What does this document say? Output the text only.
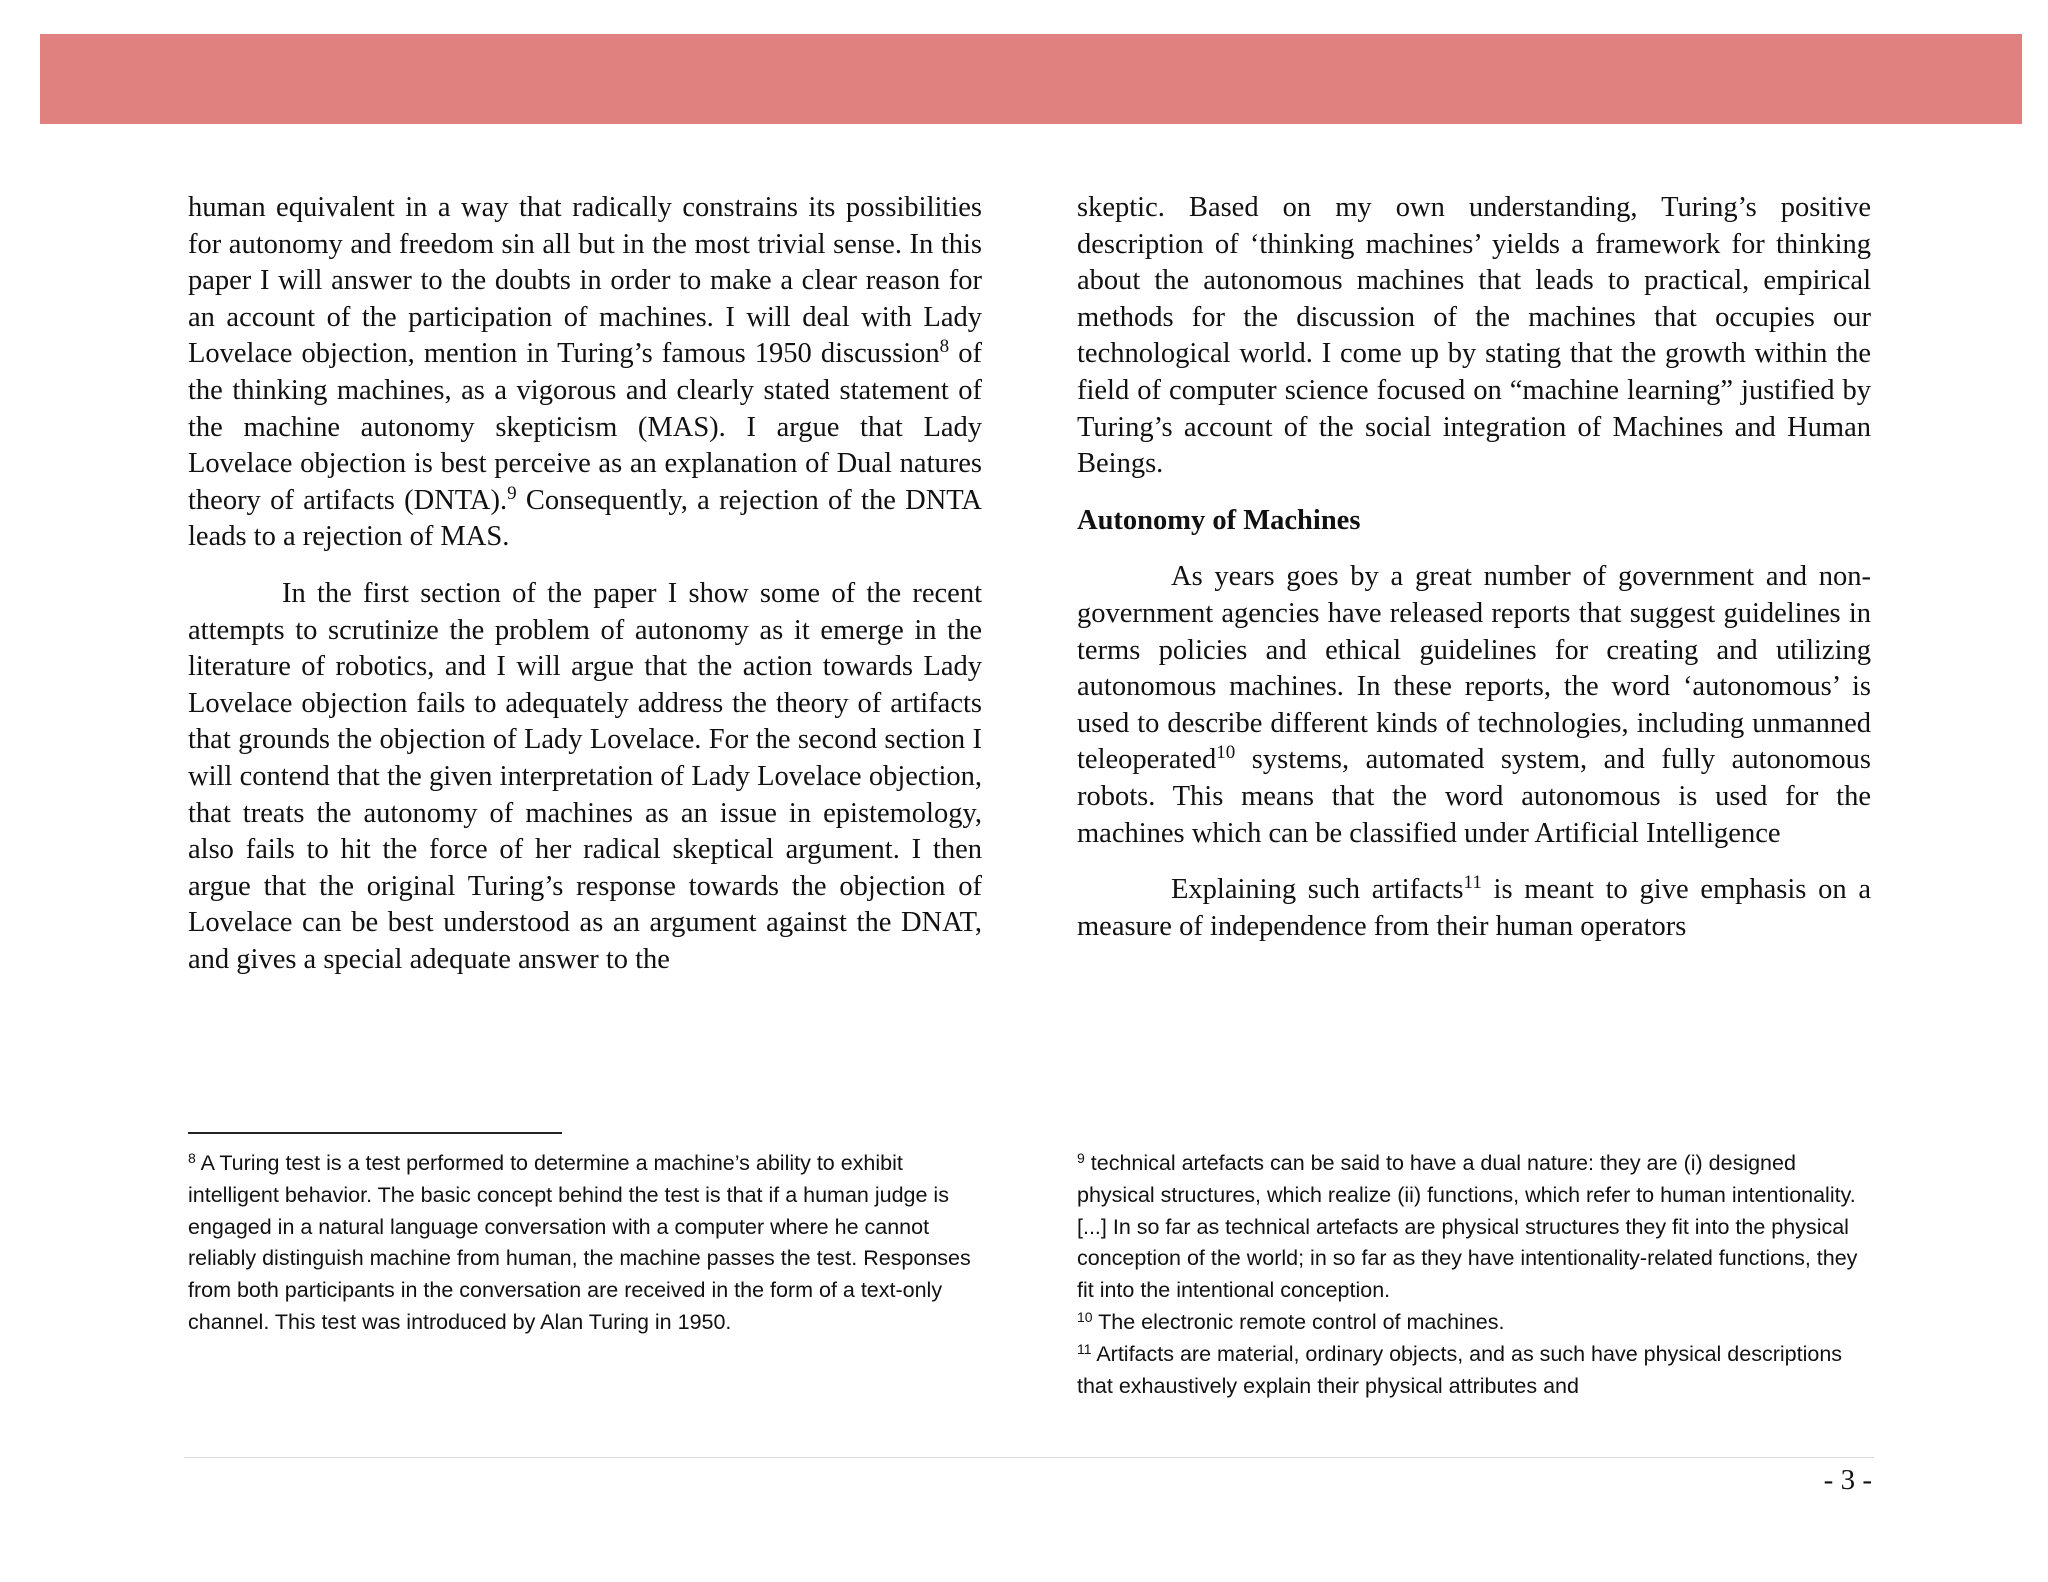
human equivalent in a way that radically constrains its possibilities for autonomy and freedom sin all but in the most trivial sense. In this paper I will answer to the doubts in order to make a clear reason for an account of the participation of machines. I will deal with Lady Lovelace objection, mention in Turing’s famous 1950 discussion$^8$ of the thinking machines, as a vigorous and clearly stated statement of the machine autonomy skepticism (MAS). I argue that Lady Lovelace objection is best perceive as an explanation of Dual natures theory of artifacts (DNTA).$^9$ Consequently, a rejection of the DNTA leads to a rejection of MAS.

In the first section of the paper I show some of the recent attempts to scrutinize the problem of autonomy as it emerge in the literature of robotics, and I will argue that the action towards Lady Lovelace objection fails to adequately address the theory of artifacts that grounds the objection of Lady Lovelace. For the second section I will contend that the given interpretation of Lady Lovelace objection, that treats the autonomy of machines as an issue in epistemology, also fails to hit the force of her radical skeptical argument. I then argue that the original Turing’s response towards the objection of Lovelace can be best understood as an argument against the DNAT, and gives a special adequate answer to the

skeptic. Based on my own understanding, Turing’s positive description of ‘thinking machines’ yields a framework for thinking about the autonomous machines that leads to practical, empirical methods for the discussion of the machines that occupies our technological world. I come up by stating that the growth within the field of computer science focused on “machine learning” justified by Turing’s account of the social integration of Machines and Human Beings.

Autonomy of Machines

As years goes by a great number of government and non-government agencies have released reports that suggest guidelines in terms policies and ethical guidelines for creating and utilizing autonomous machines. In these reports, the word ‘autonomous’ is used to describe different kinds of technologies, including unmanned teleoperated$^{10}$ systems, automated system, and fully autonomous robots. This means that the word autonomous is used for the machines which can be classified under Artificial Intelligence

Explaining such artifacts$^{11}$ is meant to give emphasis on a measure of independence from their human operators

$^8$ A Turing test is a test performed to determine a machine’s ability to exhibit intelligent behavior. The basic concept behind the test is that if a human judge is engaged in a natural language conversation with a computer where he cannot reliably distinguish machine from human, the machine passes the test. Responses from both participants in the conversation are received in the form of a text-only channel. This test was introduced by Alan Turing in 1950.

$^9$ technical artefacts can be said to have a dual nature: they are (i) designed physical structures, which realize (ii) functions, which refer to human intentionality. [...] In so far as technical artefacts are physical structures they fit into the physical conception of the world; in so far as they have intentionality-related functions, they fit into the intentional conception.

$^{10}$ The electronic remote control of machines.

$^{11}$ Artifacts are material, ordinary objects, and as such have physical descriptions that exhaustively explain their physical attributes and

- 3 -
